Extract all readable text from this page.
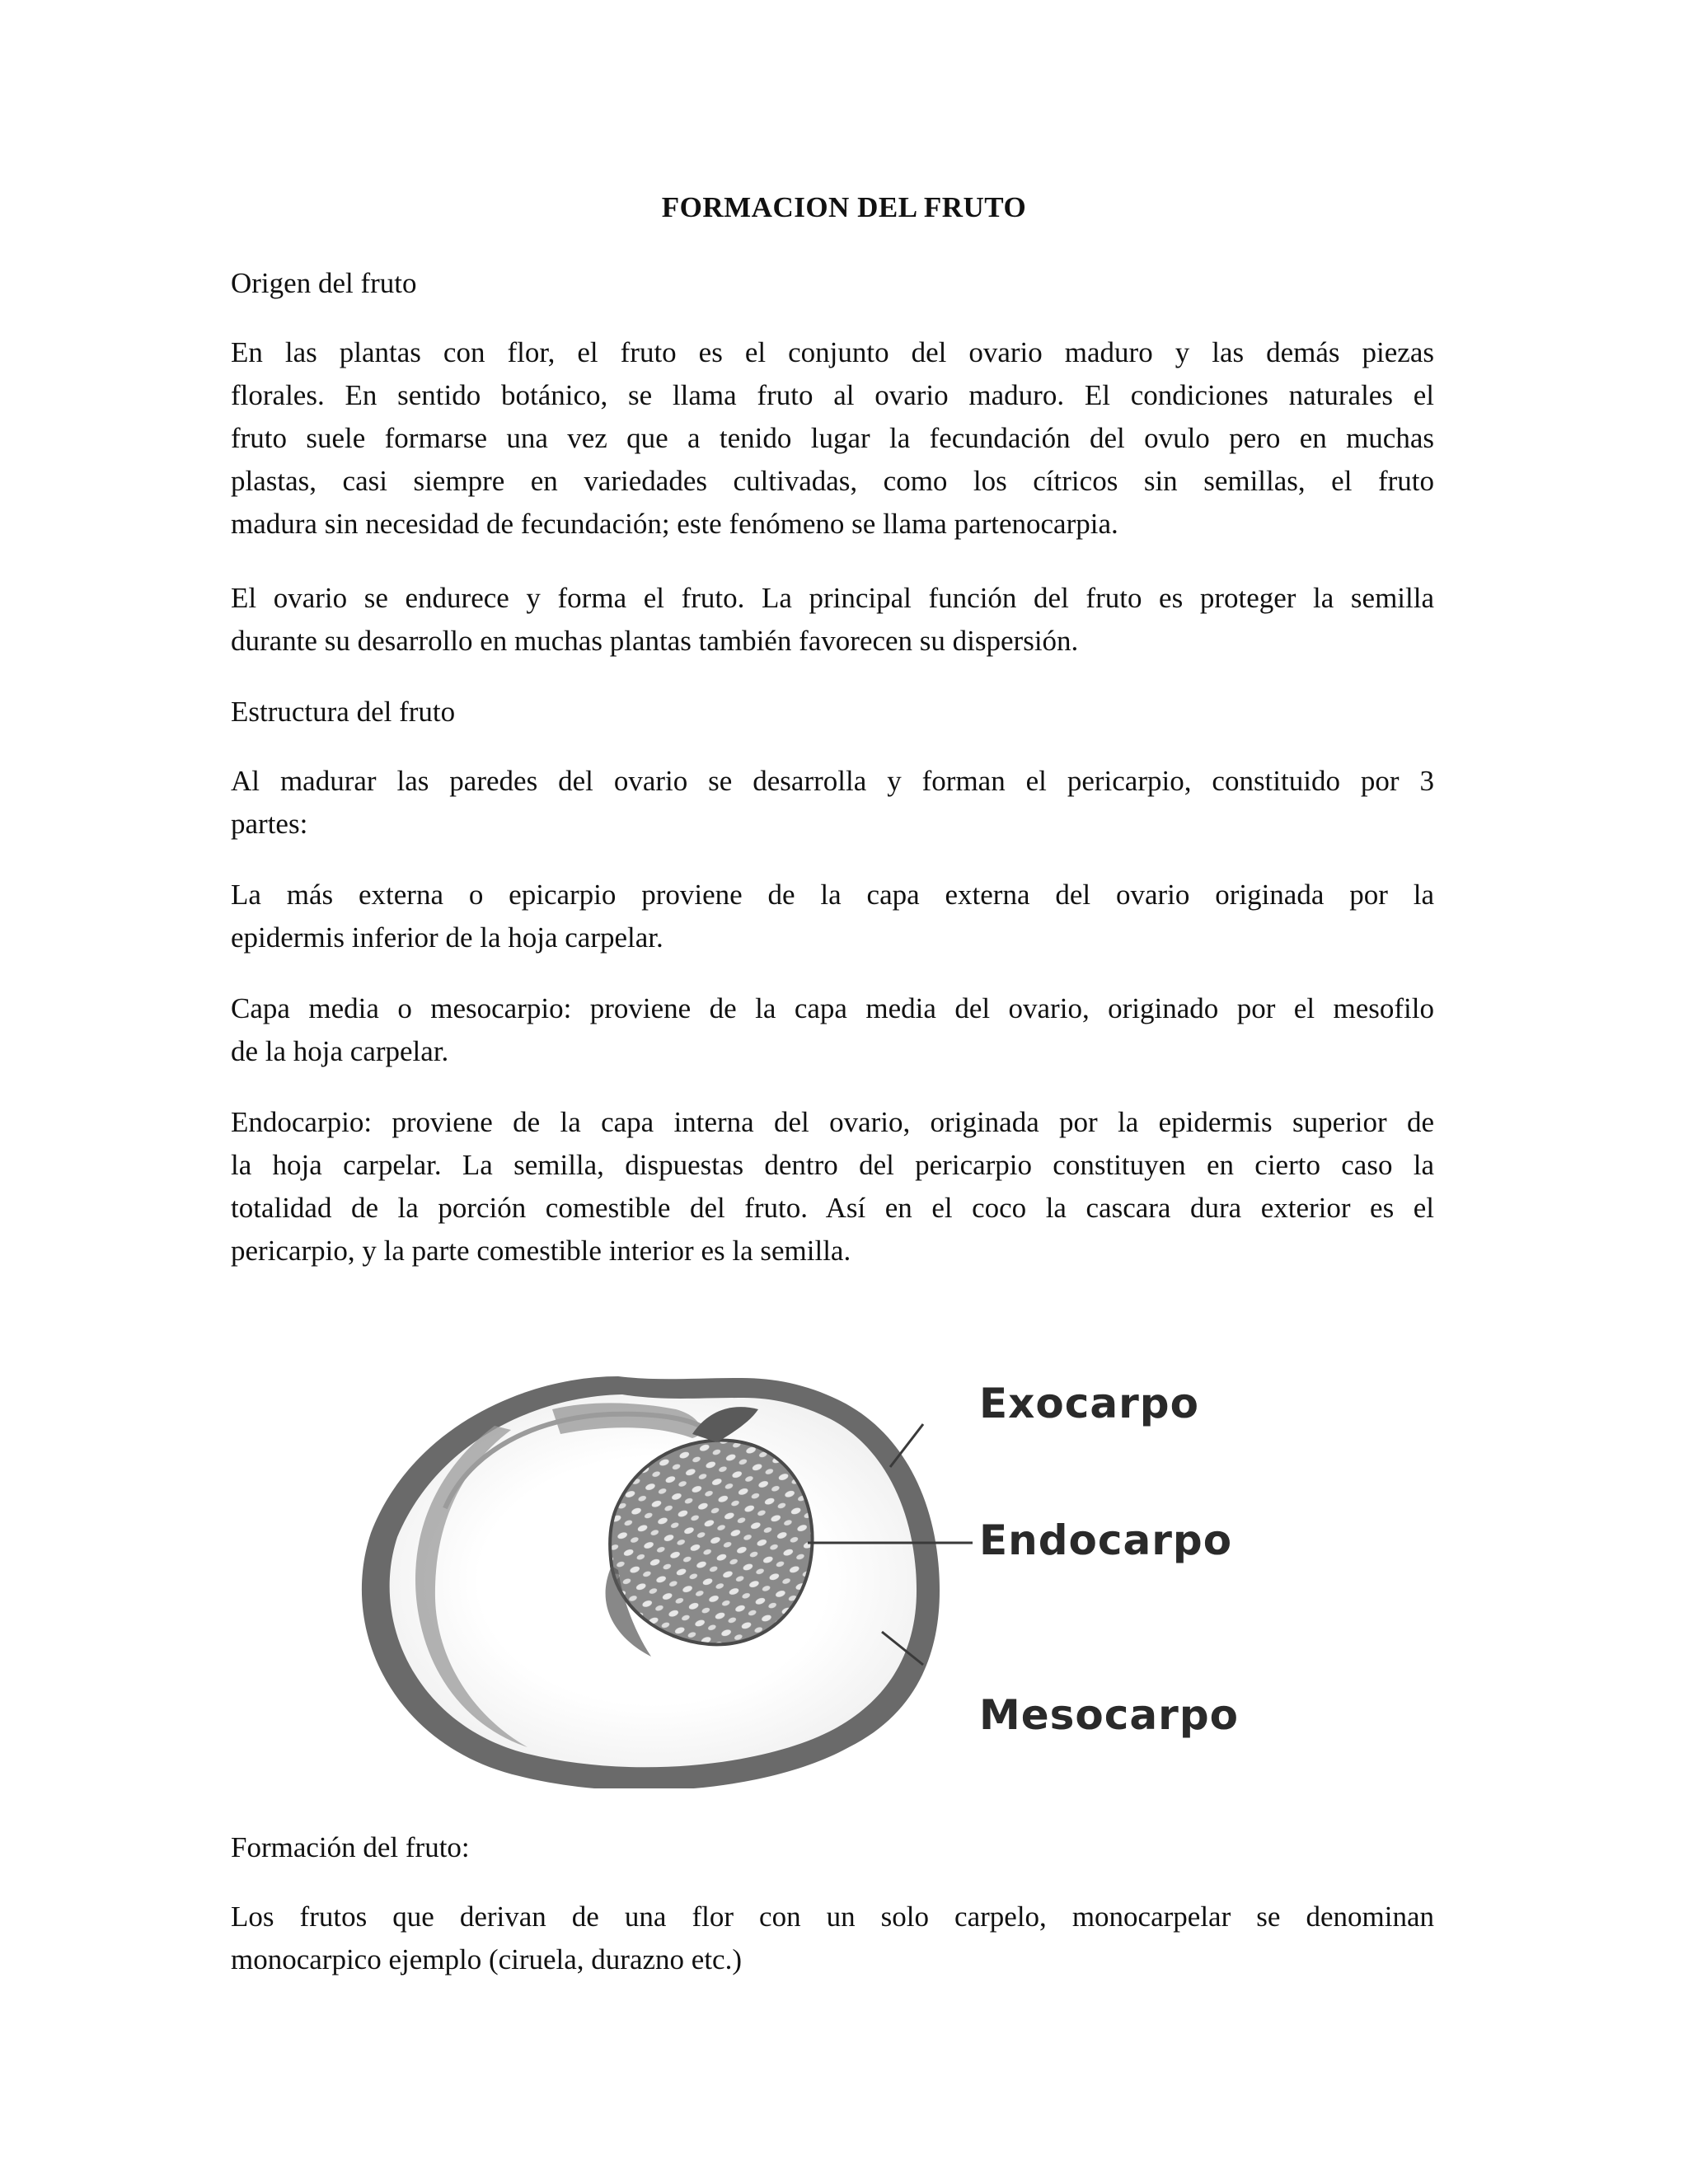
FORMACION DEL FRUTO
Origen del fruto
En las plantas con flor, el fruto es el conjunto del ovario maduro y las demás piezas
florales. En sentido botánico, se llama fruto al ovario maduro. El condiciones naturales el
fruto suele formarse una vez que a tenido lugar la fecundación del ovulo pero en muchas
plastas, casi siempre en variedades cultivadas, como los cítricos sin semillas, el fruto
madura sin necesidad de fecundación; este fenómeno se llama partenocarpia.
El ovario se endurece y forma el fruto. La principal función del fruto es proteger la semilla
durante su desarrollo en muchas plantas también favorecen su dispersión.
Estructura del fruto
Al madurar las paredes del ovario se desarrolla y forman el pericarpio, constituido por 3
partes:
La más externa o epicarpio proviene de la capa externa del ovario originada por la
epidermis inferior de la hoja carpelar.
Capa media o mesocarpio: proviene de la capa media del ovario, originado por el mesofilo
de la hoja carpelar.
Endocarpio: proviene de la capa interna del ovario, originada por la epidermis superior de
la hoja carpelar. La semilla, dispuestas dentro del pericarpio constituyen en cierto caso la
totalidad de la porción comestible del fruto. Así en el coco la cascara dura exterior es el
pericarpio, y la parte comestible interior es la semilla.
Exocarpo
Endocarpo
Mesocarpo
Formación del fruto:
Los frutos que derivan de una flor con un solo carpelo, monocarpelar se denominan
monocarpico ejemplo (ciruela, durazno etc.)
